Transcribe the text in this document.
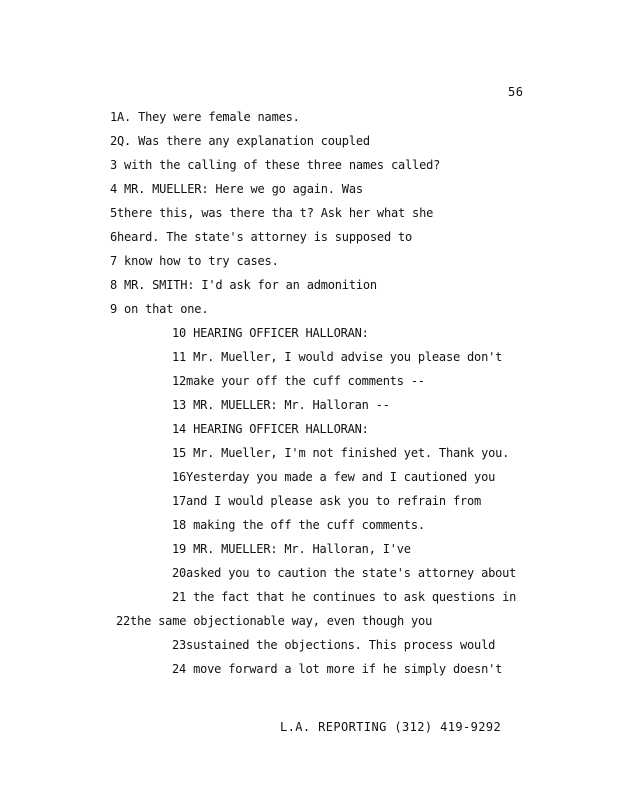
56
1A. They were female names.
2Q. Was there any explanation coupled
3 with the calling of these three names called?
4 MR. MUELLER: Here we go again. Was
5there this, was there tha t? Ask her what she
6heard. The state's attorney is supposed to
7 know how to try cases.
8 MR. SMITH: I'd ask for an admonition
9 on that one.
10 HEARING OFFICER HALLORAN:
11 Mr. Mueller, I would advise you please don't
12make your off the cuff comments --
13 MR. MUELLER: Mr. Halloran --
14 HEARING OFFICER HALLORAN:
15 Mr. Mueller, I'm not finished yet. Thank you.
16Yesterday you made a few and I cautioned you
17and I would please ask you to refrain from
18 making the off the cuff comments.
19 MR. MUELLER: Mr. Halloran, I've
20asked you to caution the state's attorney about
21 the fact that he continues to ask questions in
22the same objectionable way, even though you
23sustained the objections. This process would
24 move forward a lot more if he simply doesn't
L.A. REPORTING (312) 419-9292
